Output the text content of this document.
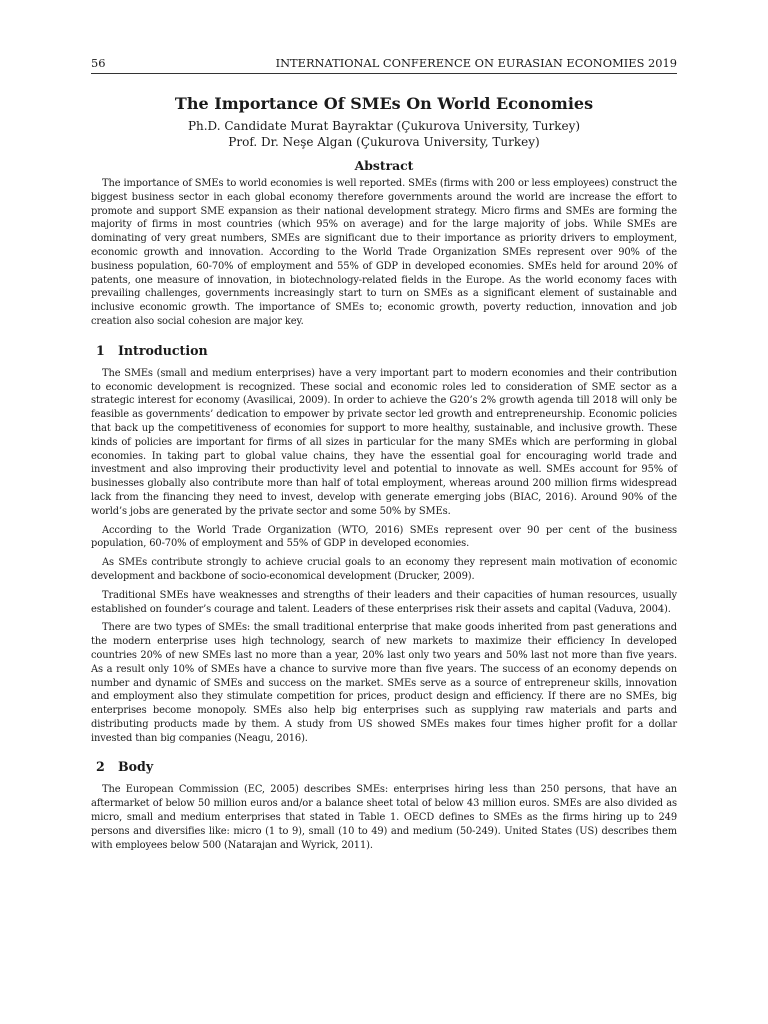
56	INTERNATIONAL CONFERENCE ON EURASIAN ECONOMIES 2019
The Importance Of SMEs On World Economies
Ph.D. Candidate Murat Bayraktar (Çukurova University, Turkey)
Prof. Dr. Neşe Algan (Çukurova University, Turkey)
Abstract

The importance of SMEs to world economies is well reported. SMEs (firms with 200 or less employees) construct the biggest business sector in each global economy therefore governments around the world are increase the effort to promote and support SME expansion as their national development strategy. Micro firms and SMEs are forming the majority of firms in most countries (which 95% on average) and for the large majority of jobs. While SMEs are dominating of very great numbers, SMEs are significant due to their importance as priority drivers to employment, economic growth and innovation. According to the World Trade Organization SMEs represent over 90% of the business population, 60-70% of employment and 55% of GDP in developed economies. SMEs held for around 20% of patents, one measure of innovation, in biotechnology-related fields in the Europe. As the world economy faces with prevailing challenges, governments increasingly start to turn on SMEs as a significant element of sustainable and inclusive economic growth. The importance of SMEs to; economic growth, poverty reduction, innovation and job creation also social cohesion are major key.

1 Introduction

The SMEs (small and medium enterprises) have a very important part to modern economies and their contribution to economic development is recognized. These social and economic roles led to consideration of SME sector as a strategic interest for economy (Avasilicai, 2009). In order to achieve the G20’s 2% growth agenda till 2018 will only be feasible as governments’ dedication to empower by private sector led growth and entrepreneurship. Economic policies that back up the competitiveness of economies for support to more healthy, sustainable, and inclusive growth. These kinds of policies are important for firms of all sizes in particular for the many SMEs which are performing in global economies. In taking part to global value chains, they have the essential goal for encouraging world trade and investment and also improving their productivity level and potential to innovate as well. SMEs account for 95% of businesses globally also contribute more than half of total employment, whereas around 200 million firms widespread lack from the financing they need to invest, develop with generate emerging jobs (BIAC, 2016). Around 90% of the world’s jobs are generated by the private sector and some 50% by SMEs.

According to the World Trade Organization (WTO, 2016) SMEs represent over 90 per cent of the business population, 60-70% of employment and 55% of GDP in developed economies.

As SMEs contribute strongly to achieve crucial goals to an economy they represent main motivation of economic development and backbone of socio-economical development (Drucker, 2009).

Traditional SMEs have weaknesses and strengths of their leaders and their capacities of human resources, usually established on founder’s courage and talent. Leaders of these enterprises risk their assets and capital (Vaduva, 2004).

There are two types of SMEs: the small traditional enterprise that make goods inherited from past generations and the modern enterprise uses high technology, search of new markets to maximize their efficiency In developed countries 20% of new SMEs last no more than a year, 20% last only two years and 50% last not more than five years. As a result only 10% of SMEs have a chance to survive more than five years. The success of an economy depends on number and dynamic of SMEs and success on the market. SMEs serve as a source of entrepreneur skills, innovation and employment also they stimulate competition for prices, product design and efficiency. If there are no SMEs, big enterprises become monopoly. SMEs also help big enterprises such as supplying raw materials and parts and distributing products made by them. A study from US showed SMEs makes four times higher profit for a dollar invested than big companies (Neagu, 2016).

2 Body

The European Commission (EC, 2005) describes SMEs: enterprises hiring less than 250 persons, that have an aftermarket of below 50 million euros and/or a balance sheet total of below 43 million euros. SMEs are also divided as micro, small and medium enterprises that stated in Table 1. OECD defines to SMEs as the firms hiring up to 249 persons and diversifies like: micro (1 to 9), small (10 to 49) and medium (50-249). United States (US) describes them with employees below 500 (Natarajan and Wyrick, 2011).
